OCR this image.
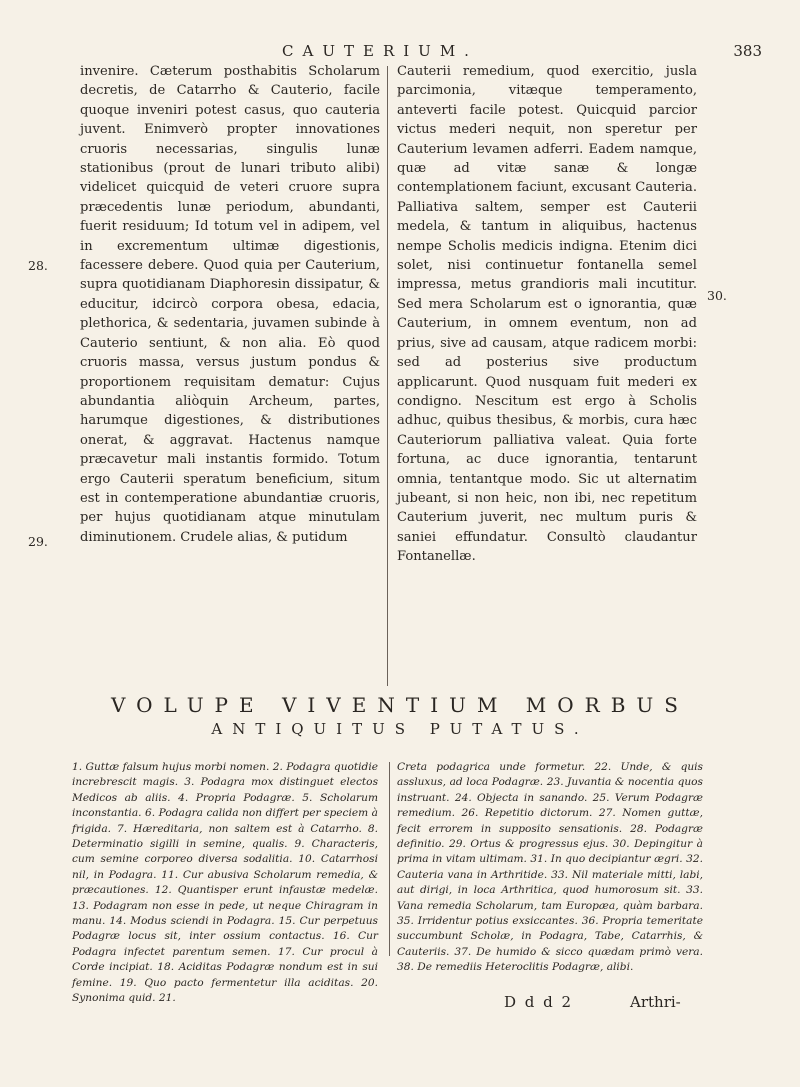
CAUTERIUM.	383
28.
29.
30.

invenire. Cæterum posthabitis Scholarum decretis, de Catarrho & Cauterio, facile quoque inveniri potest casus, quo cauteria juvent. Enimverò propter innovationes cruoris necessarias, singulis lunæ stationibus (prout de lunari tributo alibi) videlicet quicquid de veteri cruore supra præcedentis lunæ periodum, abundanti, fuerit residuum; Id totum vel in adipem, vel in excrementum ultimæ digestionis, facessere debere. Quod quia per Cauterium, supra quotidianam Diaphoresin dissipatur, & educitur, idcircò corpora obesa, edacia, plethorica, & sedentaria, juvamen subinde à Cauterio sentiunt, & non alia. Eò quod cruoris massa, versus justum pondus & proportionem requisitam dematur: Cujus abundantia aliòquin Archeum, partes, harumque digestiones, & distributiones onerat, & aggravat. Hactenus namque præcavetur mali instantis formido. Totum ergo Cauterii speratum beneficium, situm est in contemperatione abundantiæ cruoris, per hujus quotidianam atque minutulam diminutionem. Crudele alias, & putidum

Cauterii remedium, quod exercitio, jusla parcimonia, vitæque temperamento, anteverti facile potest. Quicquid parcior victus mederi nequit, non speretur per Cauterium levamen adferri. Eadem namque, quæ ad vitæ sanæ & longæ contemplationem faciunt, excusant Cauteria. Palliativa saltem, semper est Cauterii medela, & tantum in aliquibus, hactenus nempe Scholis medicis indigna. Etenim dici solet, nisi continuetur fontanella semel impressa, metus grandioris mali incutitur. Sed mera Scholarum est o ignorantia, quæ Cauterium, in omnem eventum, non ad prius, sive ad causam, atque radicem morbi: sed ad posterius sive productum applicarunt. Quod nusquam fuit mederi ex condigno. Nescitum est ergo à Scholis adhuc, quibus thesibus, & morbis, cura hæc Cauteriorum palliativa valeat. Quia forte fortuna, ac duce ignorantia, tentarunt omnia, tentantque modo. Sic ut alternatim jubeant, si non heic, non ibi, nec repetitum Cauterium juverit, nec multum puris & saniei effundatur. Consultò claudantur Fontanellæ.

VOLUPE VIVENTIUM MORBUS
ANTIQUITUS PUTATUS.

1. Guttæ falsum hujus morbi nomen. 2. Podagra quotidie increbrescit magis. 3. Podagra mox distinguet electos Medicos ab aliis. 4. Propria Podagræ. 5. Scholarum inconstantia. 6. Podagra calida non differt per speciem à frigida. 7. Hæreditaria, non saltem est à Catarrho. 8. Determinatio sigilli in semine, qualis. 9. Characteris, cum semine corporeo diversa sodalitia. 10. Catarrhosi nil, in Podagra. 11. Cur abusiva Scholarum remedia, & præcautiones. 12. Quantisper erunt infaustæ medelæ. 13. Podagram non esse in pede, ut neque Chiragram in manu. 14. Modus sciendi in Podagra. 15. Cur perpetuus Podagræ locus sit, inter ossium contactus. 16. Cur Podagra infectet parentum semen. 17. Cur procul à Corde incipiat. 18. Aciditas Podagræ nondum est in sui femine. 19. Quo pacto fermentetur illa aciditas. 20. Synonima quid. 21.

Creta podagrica unde formetur. 22. Unde, & quis assluxus, ad loca Podagræ. 23. Juvantia & nocentia quos instruant. 24. Objecta in sanando. 25. Verum Podagræ remedium. 26. Repetitio dictorum. 27. Nomen guttæ, fecit errorem in supposito sensationis. 28. Podagræ definitio. 29. Ortus & progressus ejus. 30. Depingitur à prima in vitam ultimam. 31. In quo decipiantur ægri. 32. Cauteria vana in Arthritide. 33. Nil materiale mitti, labi, aut dirigi, in loca Arthritica, quod humorosum sit. 33. Vana remedia Scholarum, tam Europæa, quàm barbara. 35. Irridentur potius exsiccantes. 36. Propria temeritate succumbunt Scholæ, in Podagra, Tabe, Catarrhis, & Cauteriis. 37. De humido & sicco quædam primò vera. 38. De remediis Heteroclitis Podagræ, alibi.

D d d 2	Arthri-
